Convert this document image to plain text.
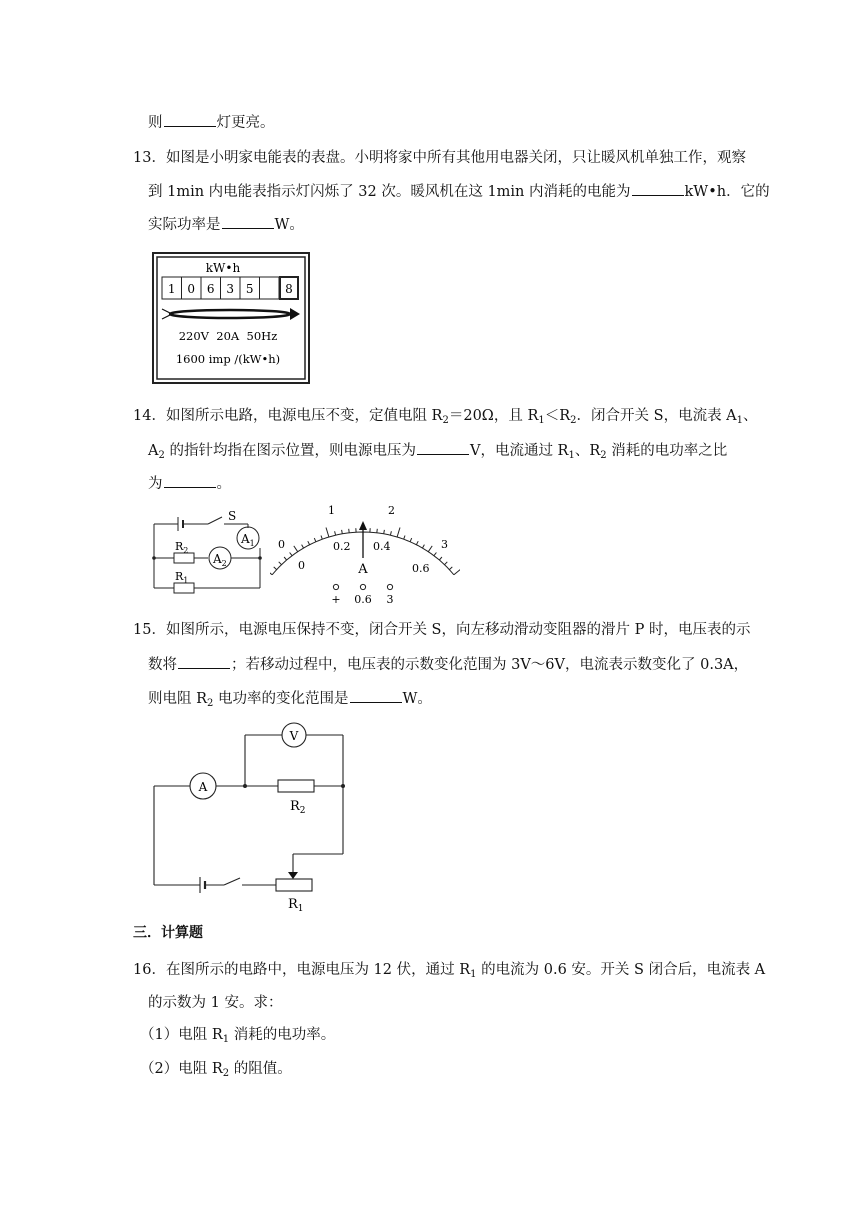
则	灯更亮。
13．如图是小明家电能表的表盘。小明将家中所有其他用电器关闭，只让暖风机单独工作，观察
到 1min 内电能表指示灯闪烁了 32 次。暖风机在这 1min 内消耗的电能为	kW•h．它的
实际功率是	W。
kW•h
1 0 6 3 5	8
220V  20A  50Hz
1600 imp /(kW•h)
14．如图所示电路，电源电压不变，定值电阻 $R_2=20\Omega$，且 $R_1<R_2$．闭合开关 S，电流表 $A_1$、
$A_2$ 的指针均指在图示位置，则电源电压为	V，电流通过 $R_1$、$R_2$ 消耗的电功率之比
为	。
S
$A_1$
$A_2$
$R_2$
$R_1$
0
1	2
3
0
0.2 0.4
0.6
A
+ 0.6 3
15．如图所示，电源电压保持不变，闭合开关 S，向左移动滑动变阻器的滑片 P 时，电压表的示
数将	；若移动过程中，电压表的示数变化范围为 3V～6V，电流表示数变化了 0.3A，
则电阻 $R_2$ 电功率的变化范围是	W。
V
A
$R_2$
$R_1$
三．计算题
16．在图所示的电路中，电源电压为 12 伏，通过 $R_1$ 的电流为 0.6 安。开关 S 闭合后，电流表 A
的示数为 1 安。求：
（1）电阻 $R_1$ 消耗的电功率。
（2）电阻 $R_2$ 的阻值。
